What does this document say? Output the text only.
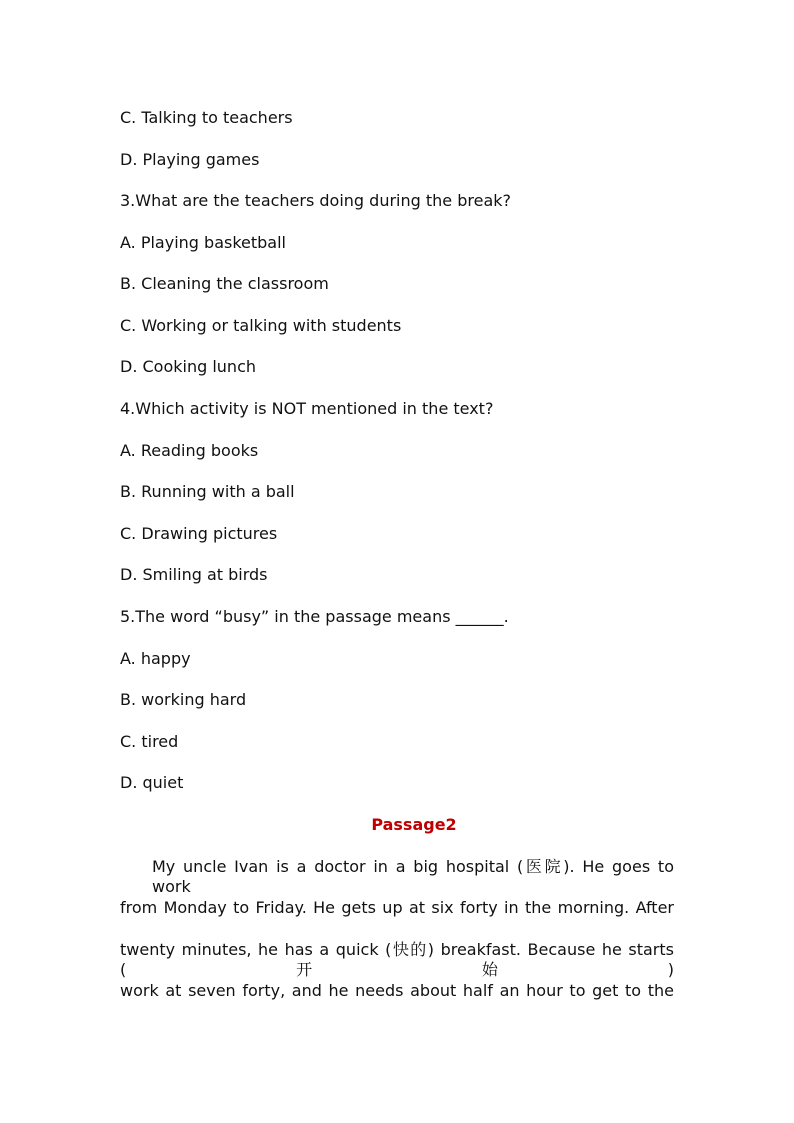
C. Talking to teachers
D. Playing games
3.What are the teachers doing during the break?
A. Playing basketball
B. Cleaning the classroom
C. Working or talking with students
D. Cooking lunch
4.Which activity is NOT mentioned in the text?
A. Reading books
B. Running with a ball
C. Drawing pictures
D. Smiling at birds
5.The word “busy” in the passage means ______.
A. happy
B. working hard
C. tired
D. quiet
Passage2
My uncle Ivan is a doctor in a big hospital (医院). He goes to work
from Monday to Friday. He gets up at six forty in the morning. After
twenty minutes, he has a quick (快的) breakfast. Because he starts (开始)
work at seven forty, and he needs about half an hour to get to the
